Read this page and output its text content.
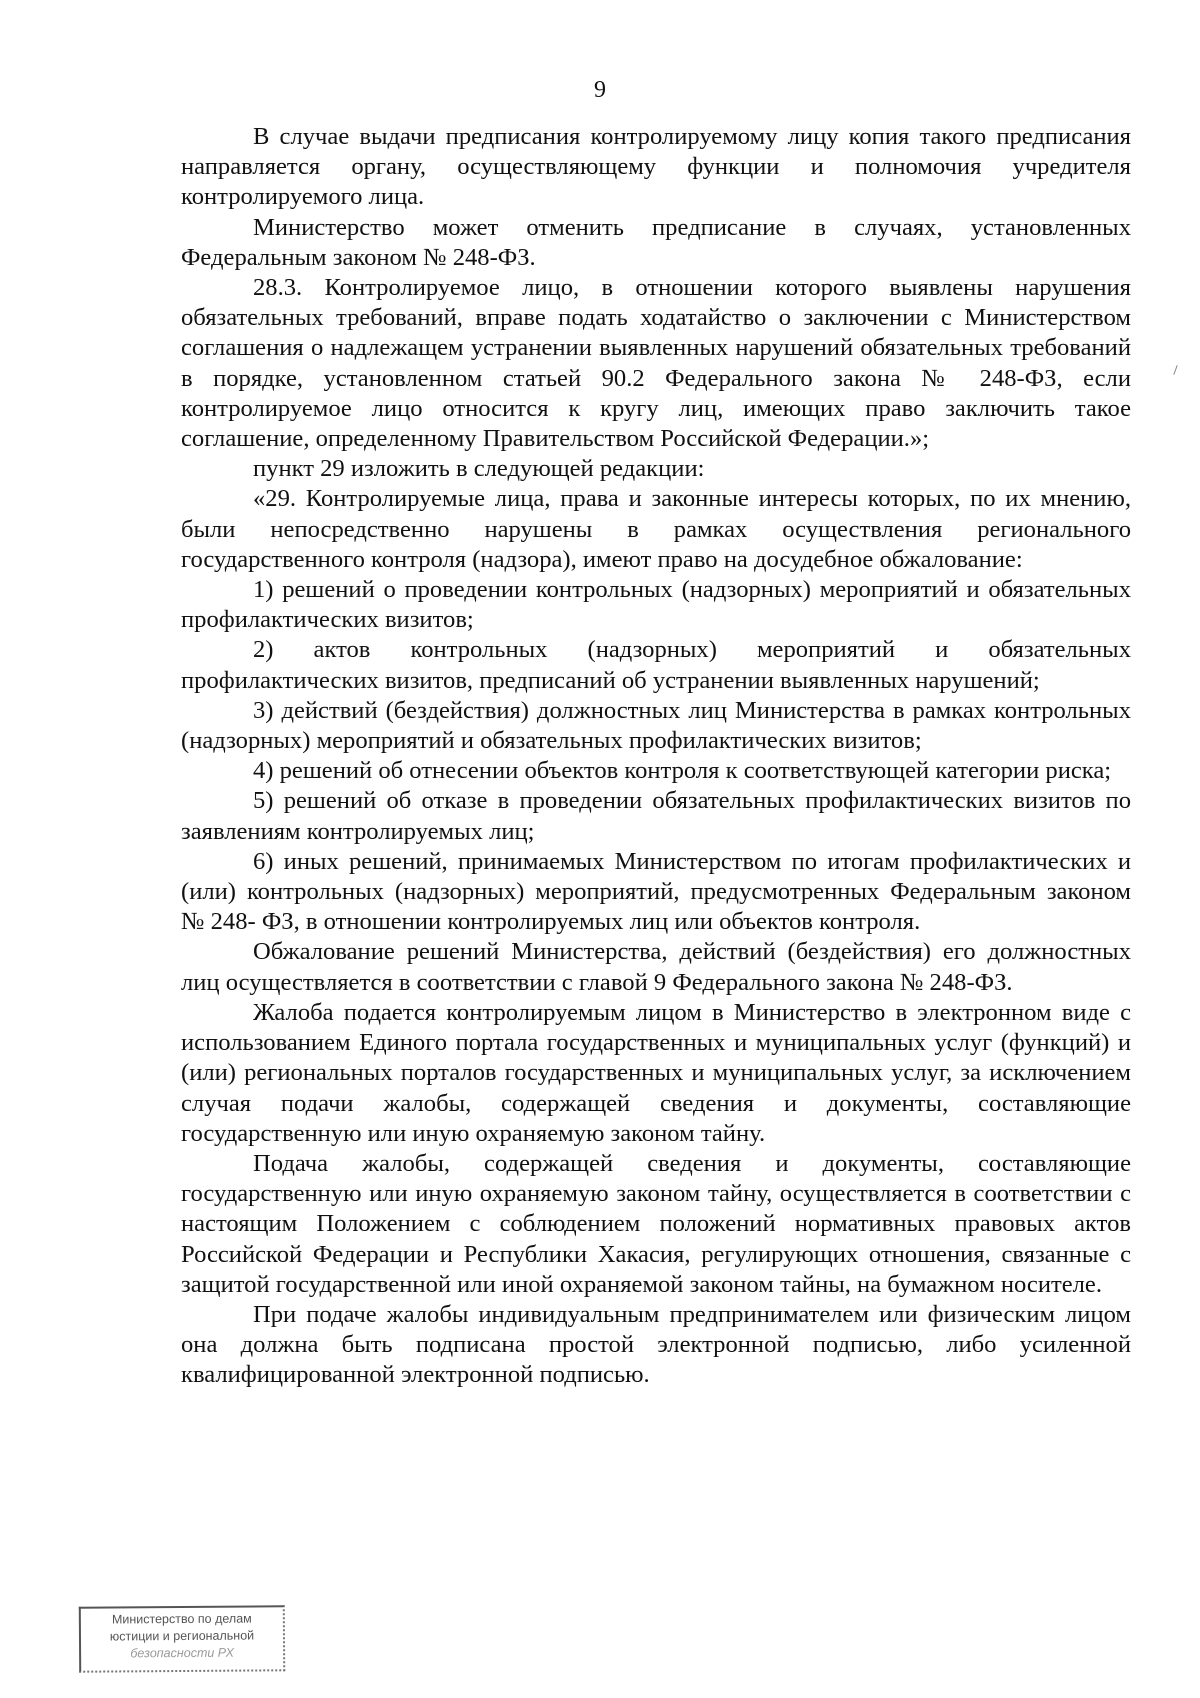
9

В случае выдачи предписания контролируемому лицу копия такого предписания направляется органу, осуществляющему функции и полномочия учредителя контролируемого лица.

Министерство может отменить предписание в случаях, установленных Федеральным законом № 248-ФЗ.

28.3. Контролируемое лицо, в отношении которого выявлены нарушения обязательных требований, вправе подать ходатайство о заключении с Министерством соглашения о надлежащем устранении выявленных нарушений обязательных требований в порядке, установленном статьей 90.2 Федерального закона № 248-ФЗ, если контролируемое лицо относится к кругу лиц, имеющих право заключить такое соглашение, определенному Правительством Российской Федерации.»;

пункт 29 изложить в следующей редакции:

«29. Контролируемые лица, права и законные интересы которых, по их мнению, были непосредственно нарушены в рамках осуществления регионального государственного контроля (надзора), имеют право на досудебное обжалование:

1) решений о проведении контрольных (надзорных) мероприятий и обязательных профилактических визитов;

2) актов контрольных (надзорных) мероприятий и обязательных профилактических визитов, предписаний об устранении выявленных нарушений;

3) действий (бездействия) должностных лиц Министерства в рамках контрольных (надзорных) мероприятий и обязательных профилактических визитов;

4) решений об отнесении объектов контроля к соответствующей категории риска;

5) решений об отказе в проведении обязательных профилактических визитов по заявлениям контролируемых лиц;

6) иных решений, принимаемых Министерством по итогам профилактических и (или) контрольных (надзорных) мероприятий, предусмотренных Федеральным законом № 248- ФЗ, в отношении контролируемых лиц или объектов контроля.

Обжалование решений Министерства, действий (бездействия) его должностных лиц осуществляется в соответствии с главой 9 Федерального закона № 248-ФЗ.

Жалоба подается контролируемым лицом в Министерство в электронном виде с использованием Единого портала государственных и муниципальных услуг (функций) и (или) региональных порталов государственных и муниципальных услуг, за исключением случая подачи жалобы, содержащей сведения и документы, составляющие государственную или иную охраняемую законом тайну.

Подача жалобы, содержащей сведения и документы, составляющие государственную или иную охраняемую законом тайну, осуществляется в соответствии с настоящим Положением с соблюдением положений нормативных правовых актов Российской Федерации и Республики Хакасия, регулирующих отношения, связанные с защитой государственной или иной охраняемой законом тайны, на бумажном носителе.

При подаче жалобы индивидуальным предпринимателем или физическим лицом она должна быть подписана простой электронной подписью, либо усиленной квалифицированной электронной подписью.

Министерство по делам
юстиции и региональной
безопасности РХ
